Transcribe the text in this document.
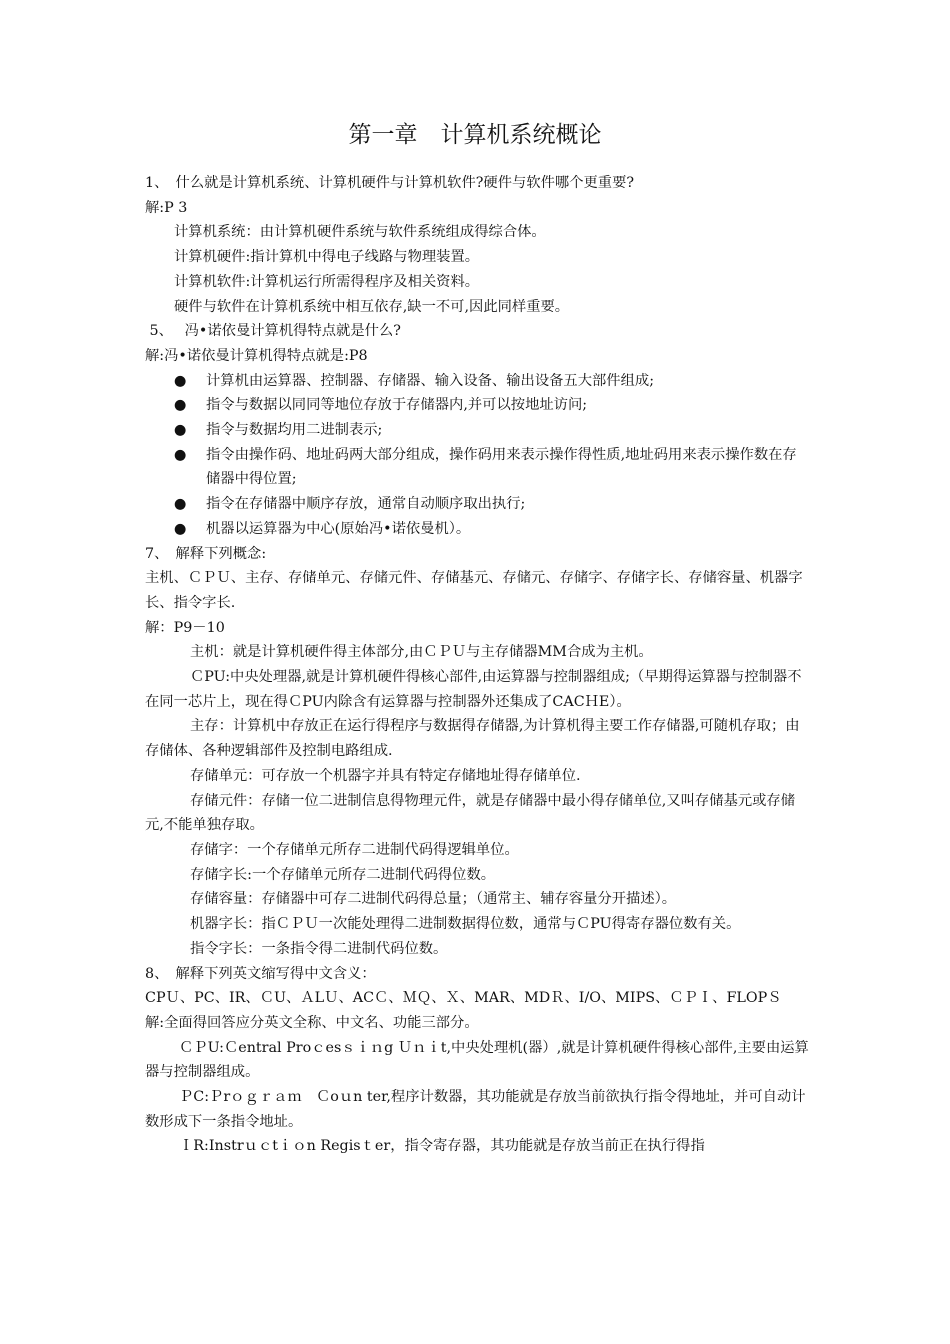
第一章　计算机系统概论
1、　什么就是计算机系统、计算机硬件与计算机软件?硬件与软件哪个更重要?
解:P 3
计算机系统：由计算机硬件系统与软件系统组成得综合体。
计算机硬件:指计算机中得电子线路与物理装置。
计算机软件:计算机运行所需得程序及相关资料。
硬件与软件在计算机系统中相互依存,缺一不可,因此同样重要。
5、　 冯•诺依曼计算机得特点就是什么?
解:冯•诺依曼计算机得特点就是:P8
● 计算机由运算器、控制器、存储器、输入设备、输出设备五大部件组成;
● 指令与数据以同同等地位存放于存储器内,并可以按地址访问;
● 指令与数据均用二进制表示;
● 指令由操作码、地址码两大部分组成，操作码用来表示操作得性质,地址码用来表示操作数在存储器中得位置;
● 指令在存储器中顺序存放，通常自动顺序取出执行;
● 机器以运算器为中心(原始冯•诺依曼机）。
7、　解释下列概念:
主机、ＣＰＵ、主存、存储单元、存储元件、存储基元、存储元、存储字、存储字长、存储容量、机器字长、指令字长.
解：P9－10
主机：就是计算机硬件得主体部分,由ＣＰＵ与主存储器MM合成为主机。
ＣPU:中央处理器,就是计算机硬件得核心部件,由运算器与控制器组成;（早期得运算器与控制器不在同一芯片上，现在得ＣPU内除含有运算器与控制器外还集成了CACＨE）。
主存：计算机中存放正在运行得程序与数据得存储器,为计算机得主要工作存储器,可随机存取；由存储体、各种逻辑部件及控制电路组成.
存储单元：可存放一个机器字并具有特定存储地址得存储单位.
存储元件：存储一位二进制信息得物理元件，就是存储器中最小得存储单位,又叫存储基元或存储元,不能单独存取。
存储字：一个存储单元所存二进制代码得逻辑单位。
存储字长:一个存储单元所存二进制代码得位数。
存储容量：存储器中可存二进制代码得总量；（通常主、辅存容量分开描述）。
机器字长：指ＣＰＵ一次能处理得二进制数据得位数，通常与ＣPU得寄存器位数有关。
指令字长：一条指令得二进制代码位数。
8、　解释下列英文缩写得中文含义：
CPＵ、PC、IR、ＣU、ＡLＵ、ACＣ、ＭＱ、Ｘ、MAR、MDＲ、I/O、MIPS、ＣＰＩ、FLOPＳ
解:全面得回答应分英文全称、中文名、功能三部分。
ＣＰU:Ｃentral Proｃesｓｉｎg Ｕｎｉt,中央处理机(器）,就是计算机硬件得核心部件,主要由运算器与控制器组成。
ＰC:Ｐrｏｇｒａｍ　Ｃoｕn ter,程序计数器，其功能就是存放当前欲执行指令得地址，并可自动计数形成下一条指令地址。
ＩR:Instrｕｃtｉｏn Regisｔer，指令寄存器，其功能就是存放当前正在执行得指
